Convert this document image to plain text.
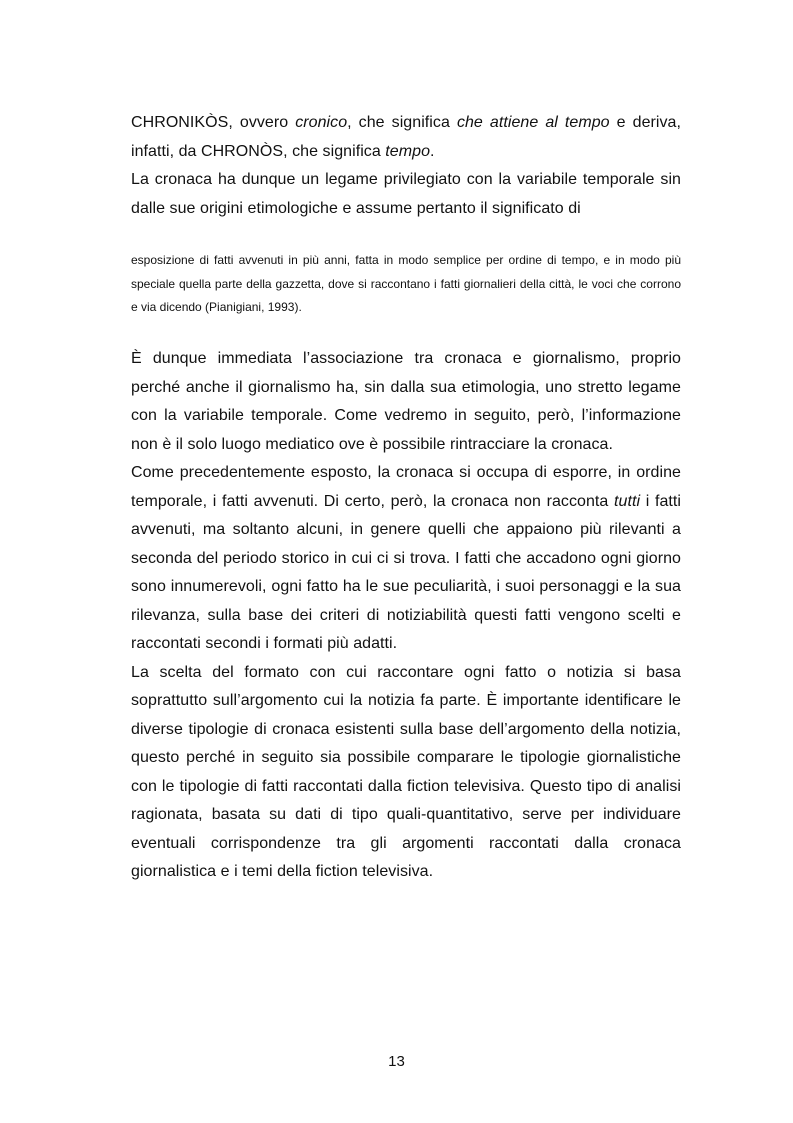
CHRONIKÒS, ovvero cronico, che significa che attiene al tempo e deriva, infatti, da CHRONÒS, che significa tempo.

La cronaca ha dunque un legame privilegiato con la variabile temporale sin dalle sue origini etimologiche e assume pertanto il significato di

esposizione di fatti avvenuti in più anni, fatta in modo semplice per ordine di tempo, e in modo più speciale quella parte della gazzetta, dove si raccontano i fatti giornalieri della città, le voci che corrono e via dicendo (Pianigiani, 1993).

È dunque immediata l’associazione tra cronaca e giornalismo, proprio perché anche il giornalismo ha, sin dalla sua etimologia, uno stretto legame con la variabile temporale. Come vedremo in seguito, però, l’informazione non è il solo luogo mediatico ove è possibile rintracciare la cronaca.

Come precedentemente esposto, la cronaca si occupa di esporre, in ordine temporale, i fatti avvenuti. Di certo, però, la cronaca non racconta tutti i fatti avvenuti, ma soltanto alcuni, in genere quelli che appaiono più rilevanti a seconda del periodo storico in cui ci si trova. I fatti che accadono ogni giorno sono innumerevoli, ogni fatto ha le sue peculiarità, i suoi personaggi e la sua rilevanza, sulla base dei criteri di notiziabilità questi fatti vengono scelti e raccontati secondi i formati più adatti.

La scelta del formato con cui raccontare ogni fatto o notizia si basa soprattutto sull’argomento cui la notizia fa parte. È importante identificare le diverse tipologie di cronaca esistenti sulla base dell’argomento della notizia, questo perché in seguito sia possibile comparare le tipologie giornalistiche con le tipologie di fatti raccontati dalla fiction televisiva. Questo tipo di analisi ragionata, basata su dati di tipo quali-quantitativo, serve per individuare eventuali corrispondenze tra gli argomenti raccontati dalla cronaca giornalistica e i temi della fiction televisiva.

13
